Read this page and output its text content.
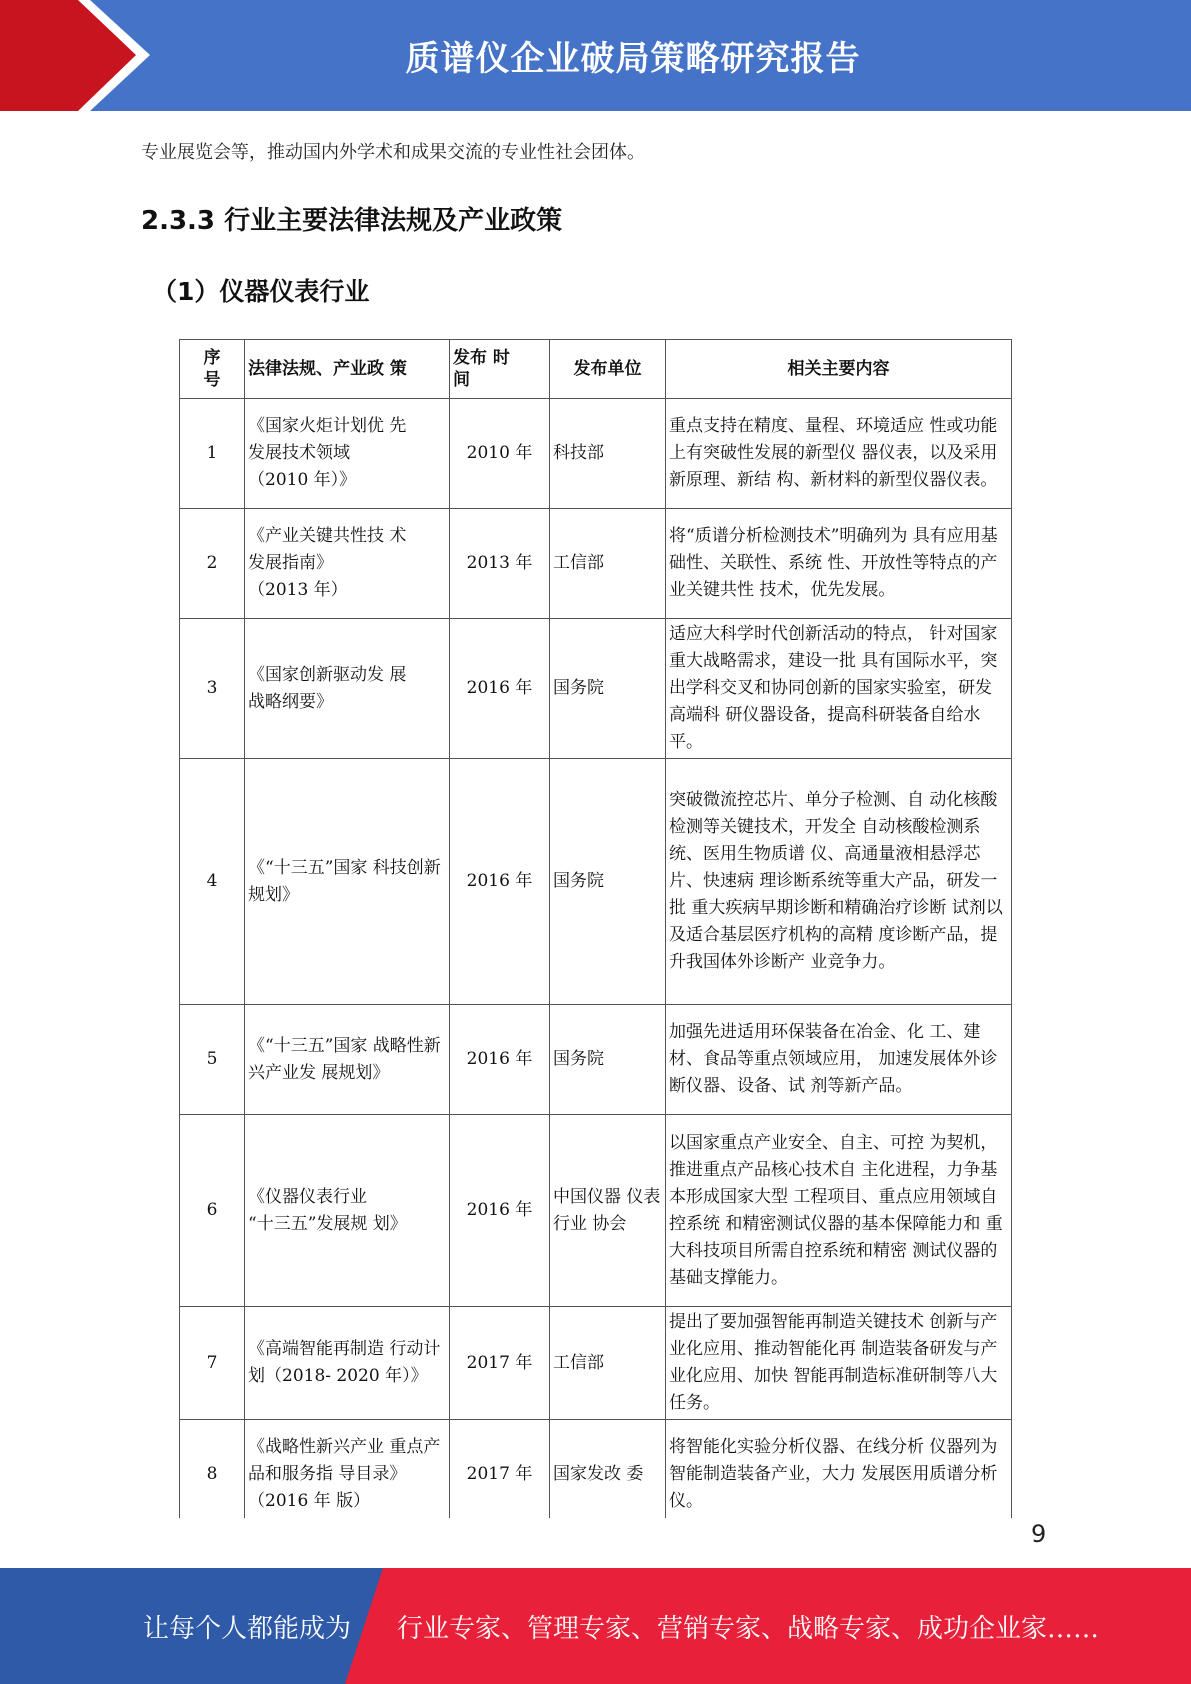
质谱仪企业破局策略研究报告
专业展览会等，推动国内外学术和成果交流的专业性社会团体。
2.3.3 行业主要法律法规及产业政策
（1）仪器仪表行业
序
号	法律法规、产业政 策	发布 时
间	发布单位	相关主要内容
1	《国家火炬计划优 先
发展技术领域
（2010 年）》	2010 年	科技部	重点支持在精度、量程、环境适应 性或功能上有突破性发展的新型仪 器仪表，以及采用新原理、新结 构、新材料的新型仪器仪表。
2	《产业关键共性技 术
发展指南》
（2013 年）	2013 年	工信部	将“质谱分析检测技术”明确列为 具有应用基础性、关联性、系统 性、开放性等特点的产业关键共性 技术，优先发展。
3	《国家创新驱动发 展
战略纲要》	2016 年	国务院	适应大科学时代创新活动的特点， 针对国家重大战略需求，建设一批 具有国际水平，突出学科交叉和协同创新的国家实验室，研发高端科 研仪器设备，提高科研装备自给水 平。
4	《“十三五”国家 科技创新规划》	2016 年	国务院	突破微流控芯片、单分子检测、自 动化核酸检测等关键技术，开发全 自动核酸检测系统、医用生物质谱 仪、高通量液相悬浮芯片、快速病 理诊断系统等重大产品，研发一批 重大疾病早期诊断和精确治疗诊断 试剂以及适合基层医疗机构的高精 度诊断产品，提升我国体外诊断产 业竞争力。
5	《“十三五”国家 战略性新兴产业发 展规划》	2016 年	国务院	加强先进适用环保装备在冶金、化 工、建材、食品等重点领域应用， 加速发展体外诊断仪器、设备、试 剂等新产品。
6	《仪器仪表行业
“十三五”发展规 划》	2016 年	中国仪器 仪表行业 协会	以国家重点产业安全、自主、可控 为契机，推进重点产品核心技术自 主化进程，力争基本形成国家大型 工程项目、重点应用领域自控系统 和精密测试仪器的基本保障能力和 重大科技项目所需自控系统和精密 测试仪器的基础支撑能力。
7	《高端智能再制造 行动计划（2018- 2020 年）》	2017 年	工信部	提出了要加强智能再制造关键技术 创新与产业化应用、推动智能化再 制造装备研发与产业化应用、加快 智能再制造标准研制等八大任务。
8	《战略性新兴产业 重点产品和服务指 导目录》（2016 年 版）	2017 年	国家发改 委	将智能化实验分析仪器、在线分析 仪器列为智能制造装备产业，大力 发展医用质谱分析仪。
9
让每个人都能成为 行业专家、管理专家、营销专家、战略专家、成功企业家……
